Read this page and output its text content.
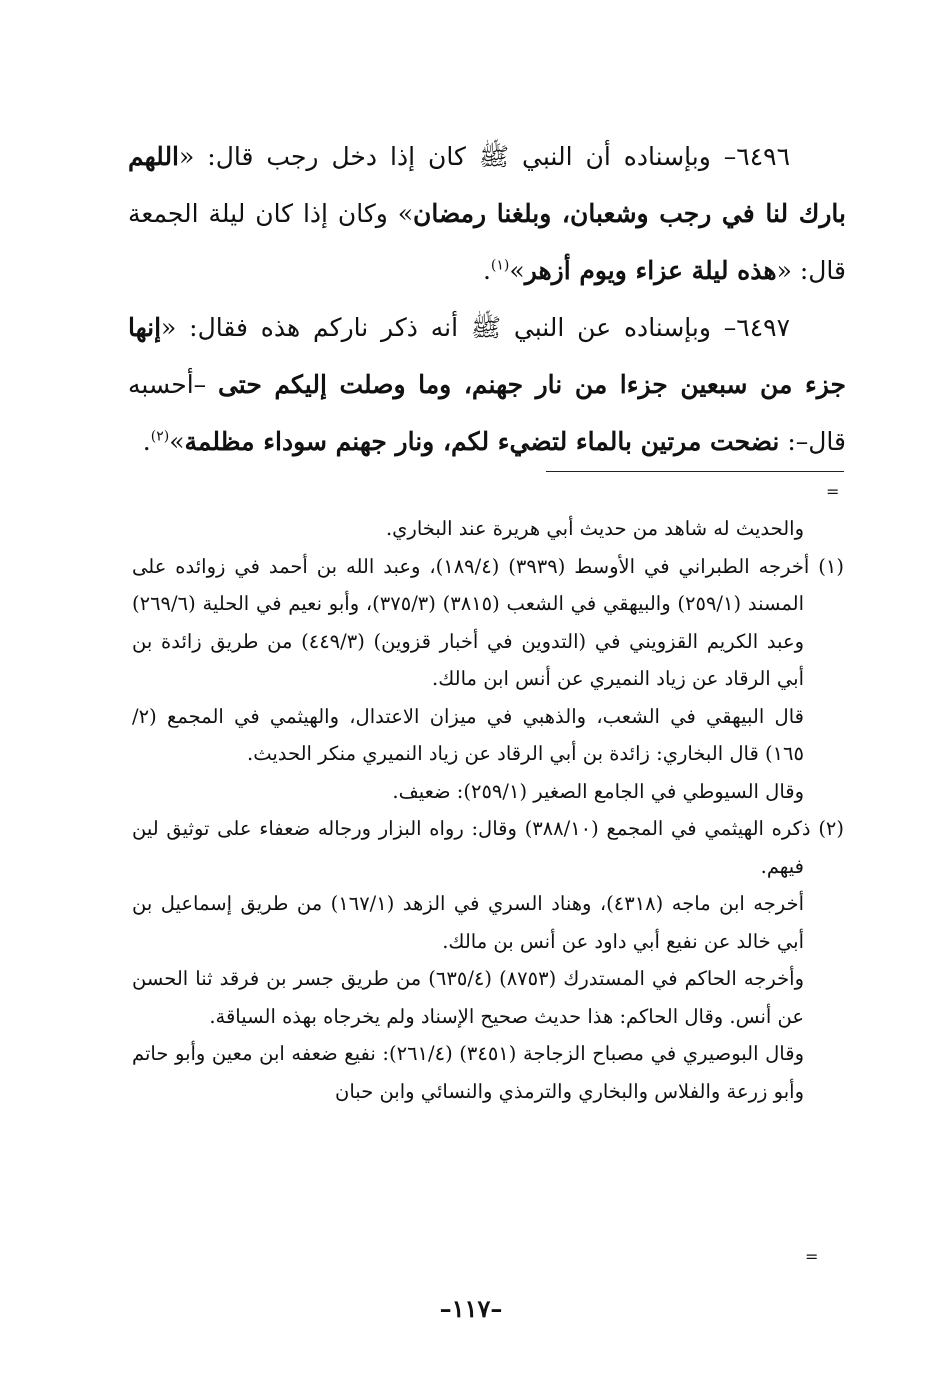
٦٤٩٦– وبإسناده أن النبي ﷺ كان إذا دخل رجب قال: «اللهم بارك لنا في رجب وشعبان، وبلغنا رمضان» وكان إذا كان ليلة الجمعة قال: «هذه ليلة عزاء ويوم أزهر»$^{(١)}$.

٦٤٩٧– وبإسناده عن النبي ﷺ أنه ذكر ناركم هذه فقال: «إنها جزء من سبعين جزءا من نار جهنم، وما وصلت إليكم حتى –أحسبه قال–: نضحت مرتين بالماء لتضيء لكم، ونار جهنم سوداء مظلمة»$^{(٢)}$.

=

والحديث له شاهد من حديث أبي هريرة عند البخاري.

(١) أخرجه الطبراني في الأوسط (٣٩٣٩) (١٨٩/٤)، وعبد الله بن أحمد في زوائده على المسند (٢٥٩/١) والبيهقي في الشعب (٣٨١٥) (٣٧٥/٣)، وأبو نعيم في الحلية (٢٦٩/٦) وعبد الكريم القزويني في (التدوين في أخبار قزوين) (٤٤٩/٣) من طريق زائدة بن أبي الرقاد عن زياد النميري عن أنس ابن مالك.

قال البيهقي في الشعب، والذهبي في ميزان الاعتدال، والهيثمي في المجمع (٢/ ١٦٥) قال البخاري: زائدة بن أبي الرقاد عن زياد النميري منكر الحديث.

وقال السيوطي في الجامع الصغير (٢٥٩/١): ضعيف.

(٢) ذكره الهيثمي في المجمع (٣٨٨/١٠) وقال: رواه البزار ورجاله ضعفاء على توثيق لين فيهم.

أخرجه ابن ماجه (٤٣١٨)، وهناد السري في الزهد (١٦٧/١) من طريق إسماعيل بن أبي خالد عن نفيع أبي داود عن أنس بن مالك.

وأخرجه الحاكم في المستدرك (٨٧٥٣) (٦٣٥/٤) من طريق جسر بن فرقد ثنا الحسن عن أنس. وقال الحاكم: هذا حديث صحيح الإسناد ولم يخرجاه بهذه السياقة.

وقال البوصيري في مصباح الزجاجة (٣٤٥١) (٢٦١/٤): نفيع ضعفه ابن معين وأبو حاتم وأبو زرعة والفلاس والبخاري والترمذي والنسائي وابن حبان

=
–١١٧–
